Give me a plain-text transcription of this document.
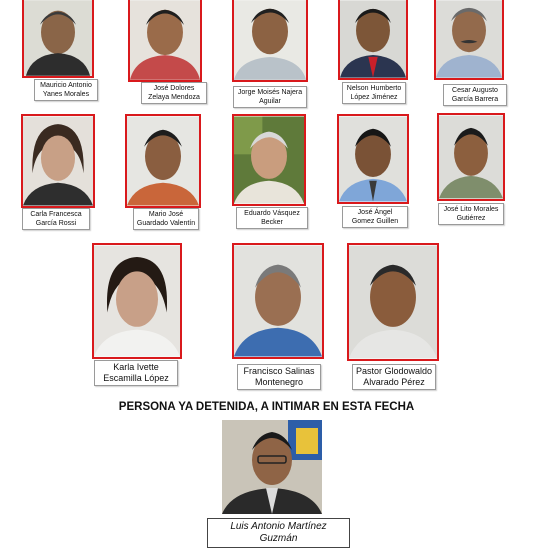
Mauricio Antonio
Yanes Morales
José Dolores
Zelaya Mendoza
Jorge Moisés Najera
Aguilar
Nelson Humberto
López Jiménez
Cesar Augusto
García Barrera
Carla Francesca
García Rossi
Mario José
Guardado Valentín
Eduardo Vásquez
Becker
José Ángel
Gomez Guillen
José Lito Morales
Gutiérrez
Karla Ivette
Escamilla López
Francisco Salinas
Montenegro
Pastor Glodowaldo
Alvarado Pérez
PERSONA YA DETENIDA, A INTIMAR EN ESTA FECHA
Luis Antonio Martínez
Guzmán
